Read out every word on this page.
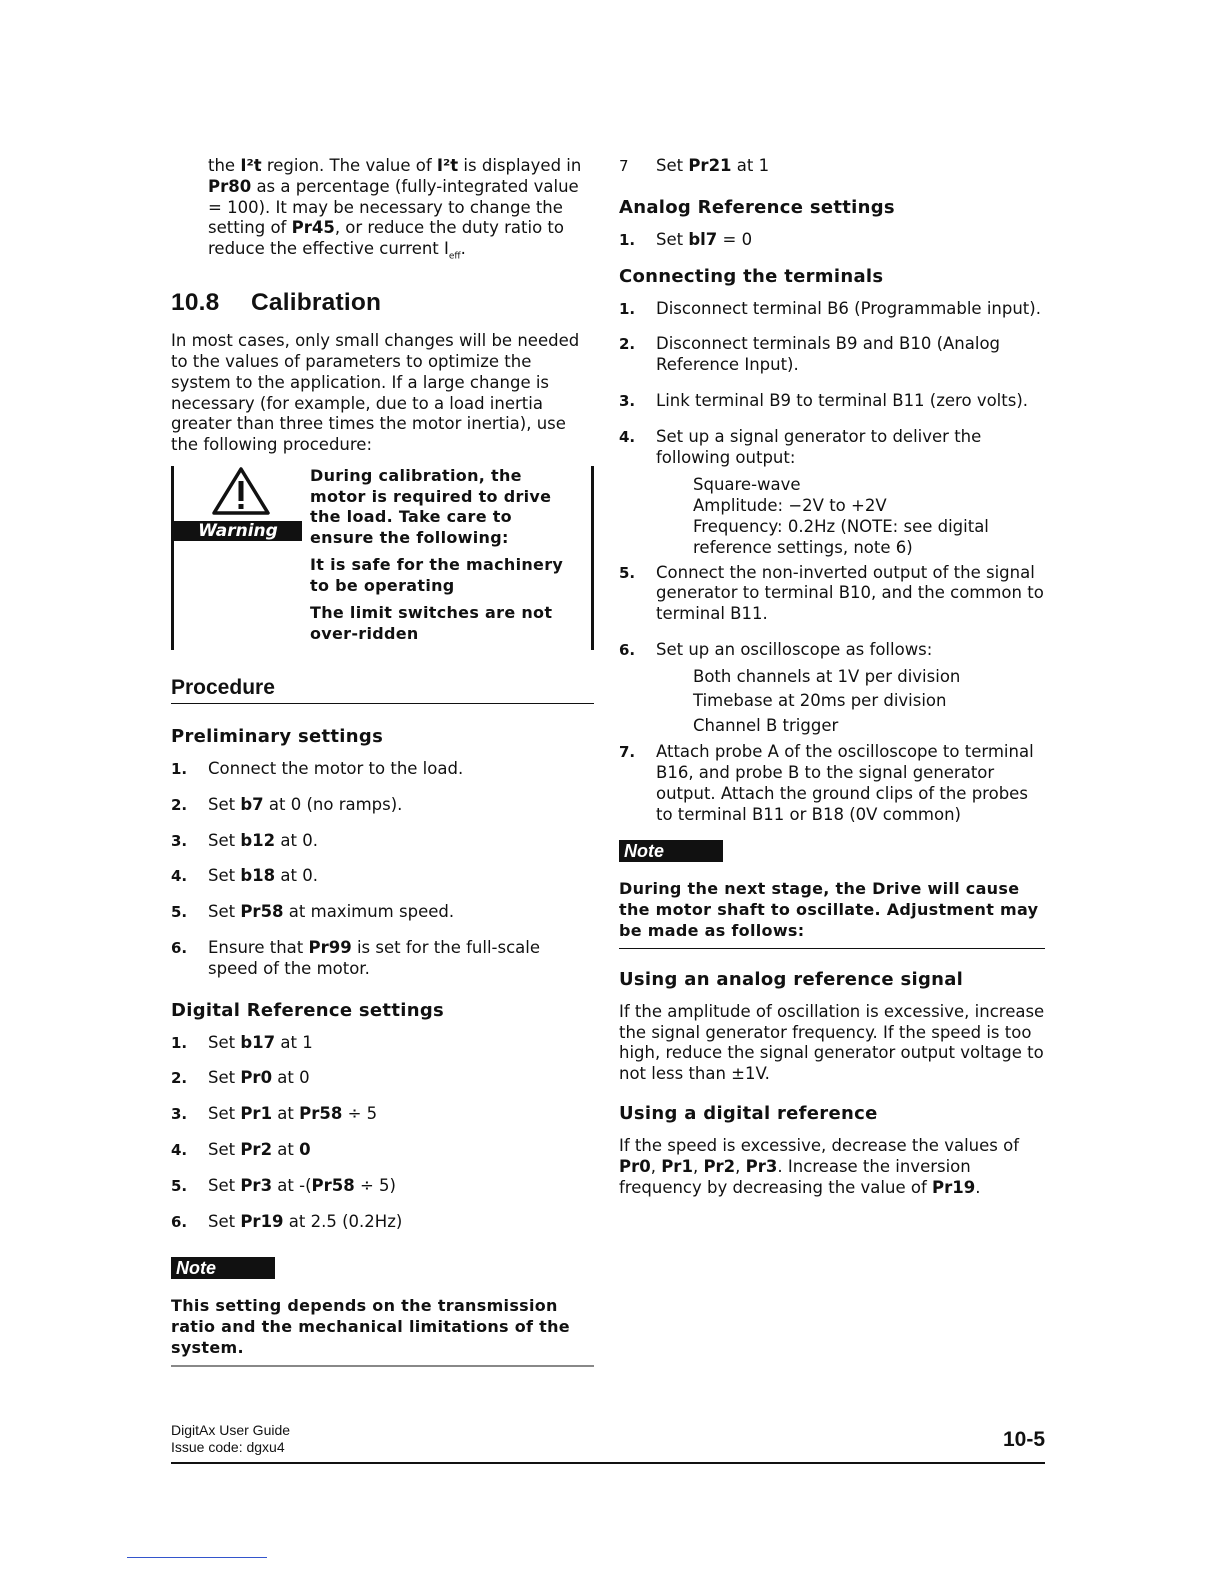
the I²t region. The value of I²t is displayed in Pr80 as a percentage (fully-integrated value = 100). It may be necessary to change the setting of Pr45, or reduce the duty ratio to reduce the effective current $I_{eff}$.

10.8 Calibration

In most cases, only small changes will be needed to the values of parameters to optimize the system to the application. If a large change is necessary (for example, due to a load inertia greater than three times the motor inertia), use the following procedure:

Warning

During calibration, the motor is required to drive the load. Take care to ensure the following:

It is safe for the machinery to be operating

The limit switches are not over-ridden

Procedure
Preliminary settings
1. Connect the motor to the load.
2. Set b7 at 0 (no ramps).
3. Set b12 at 0.
4. Set b18 at 0.
5. Set Pr58 at maximum speed.
6. Ensure that Pr99 is set for the full-scale speed of the motor.
Digital Reference settings
1. Set b17 at 1
2. Set Pr0 at 0
3. Set Pr1 at Pr58 ÷ 5
4. Set Pr2 at 0
5. Set Pr3 at -(Pr58 ÷ 5)
6. Set Pr19 at 2.5 (0.2Hz)
Note
This setting depends on the transmission ratio and the mechanical limitations of the system.
7 Set Pr21 at 1
Analog Reference settings
1. Set bl7 = 0
Connecting the terminals
1. Disconnect terminal B6 (Programmable input).
2. Disconnect terminals B9 and B10 (Analog Reference Input).
3. Link terminal B9 to terminal B11 (zero volts).
4. Set up a signal generator to deliver the following output:
Square-wave
Amplitude: −2V to +2V
Frequency: 0.2Hz (NOTE: see digital reference settings, note 6)
5. Connect the non-inverted output of the signal generator to terminal B10, and the common to terminal B11.
6. Set up an oscilloscope as follows:
Both channels at 1V per division
Timebase at 20ms per division
Channel B trigger
7. Attach probe A of the oscilloscope to terminal B16, and probe B to the signal generator output. Attach the ground clips of the probes to terminal B11 or B18 (0V common)
Note
During the next stage, the Drive will cause the motor shaft to oscillate. Adjustment may be made as follows:
Using an analog reference signal

If the amplitude of oscillation is excessive, increase the signal generator frequency. If the speed is too high, reduce the signal generator output voltage to not less than ±1V.

Using a digital reference

If the speed is excessive, decrease the values of Pr0, Pr1, Pr2, Pr3. Increase the inversion frequency by decreasing the value of Pr19.

DigitAx User Guide
Issue code: dgxu4	10-5
